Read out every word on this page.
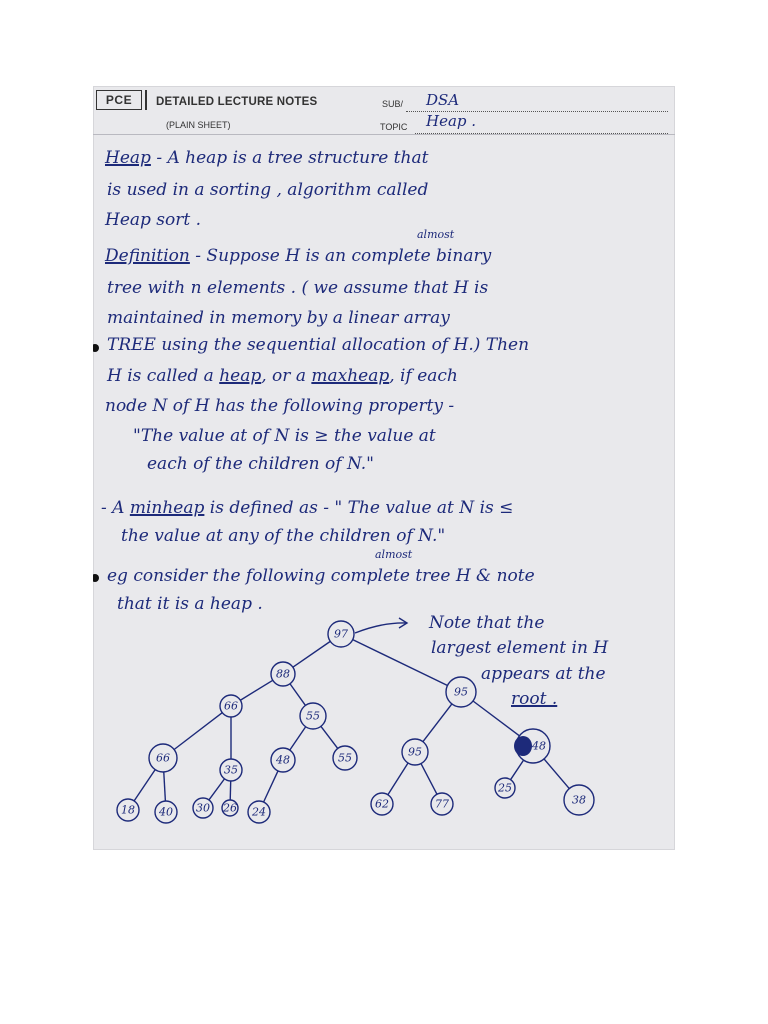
PCE	DETAILED LECTURE NOTES
(PLAIN SHEET)
SUB/ DSA
TOPIC Heap .
Heap - A heap is a tree structure that
is used in a sorting , algorithm called
Heap sort .
almost
Definition - Suppose H is an complete binary
tree with n elements . ( we assume that H is
maintained in memory by a linear array
TREE using the sequential allocation of H.) Then
H is called a heap, or a maxheap, if each
node N of H has the following property -
"The value at of N is ≥ the value at
each of the children of N."
- A minheap is defined as - " The value at N is ≤
the value at any of the children of N."
almost
eg consider the following complete tree H & note
that it is a heap .
Note that the
largest element in H
appears at the
root .
97
88
95
66
55
95	48
66
35
48	55
62	77
25
38
18 40 30 26 24
